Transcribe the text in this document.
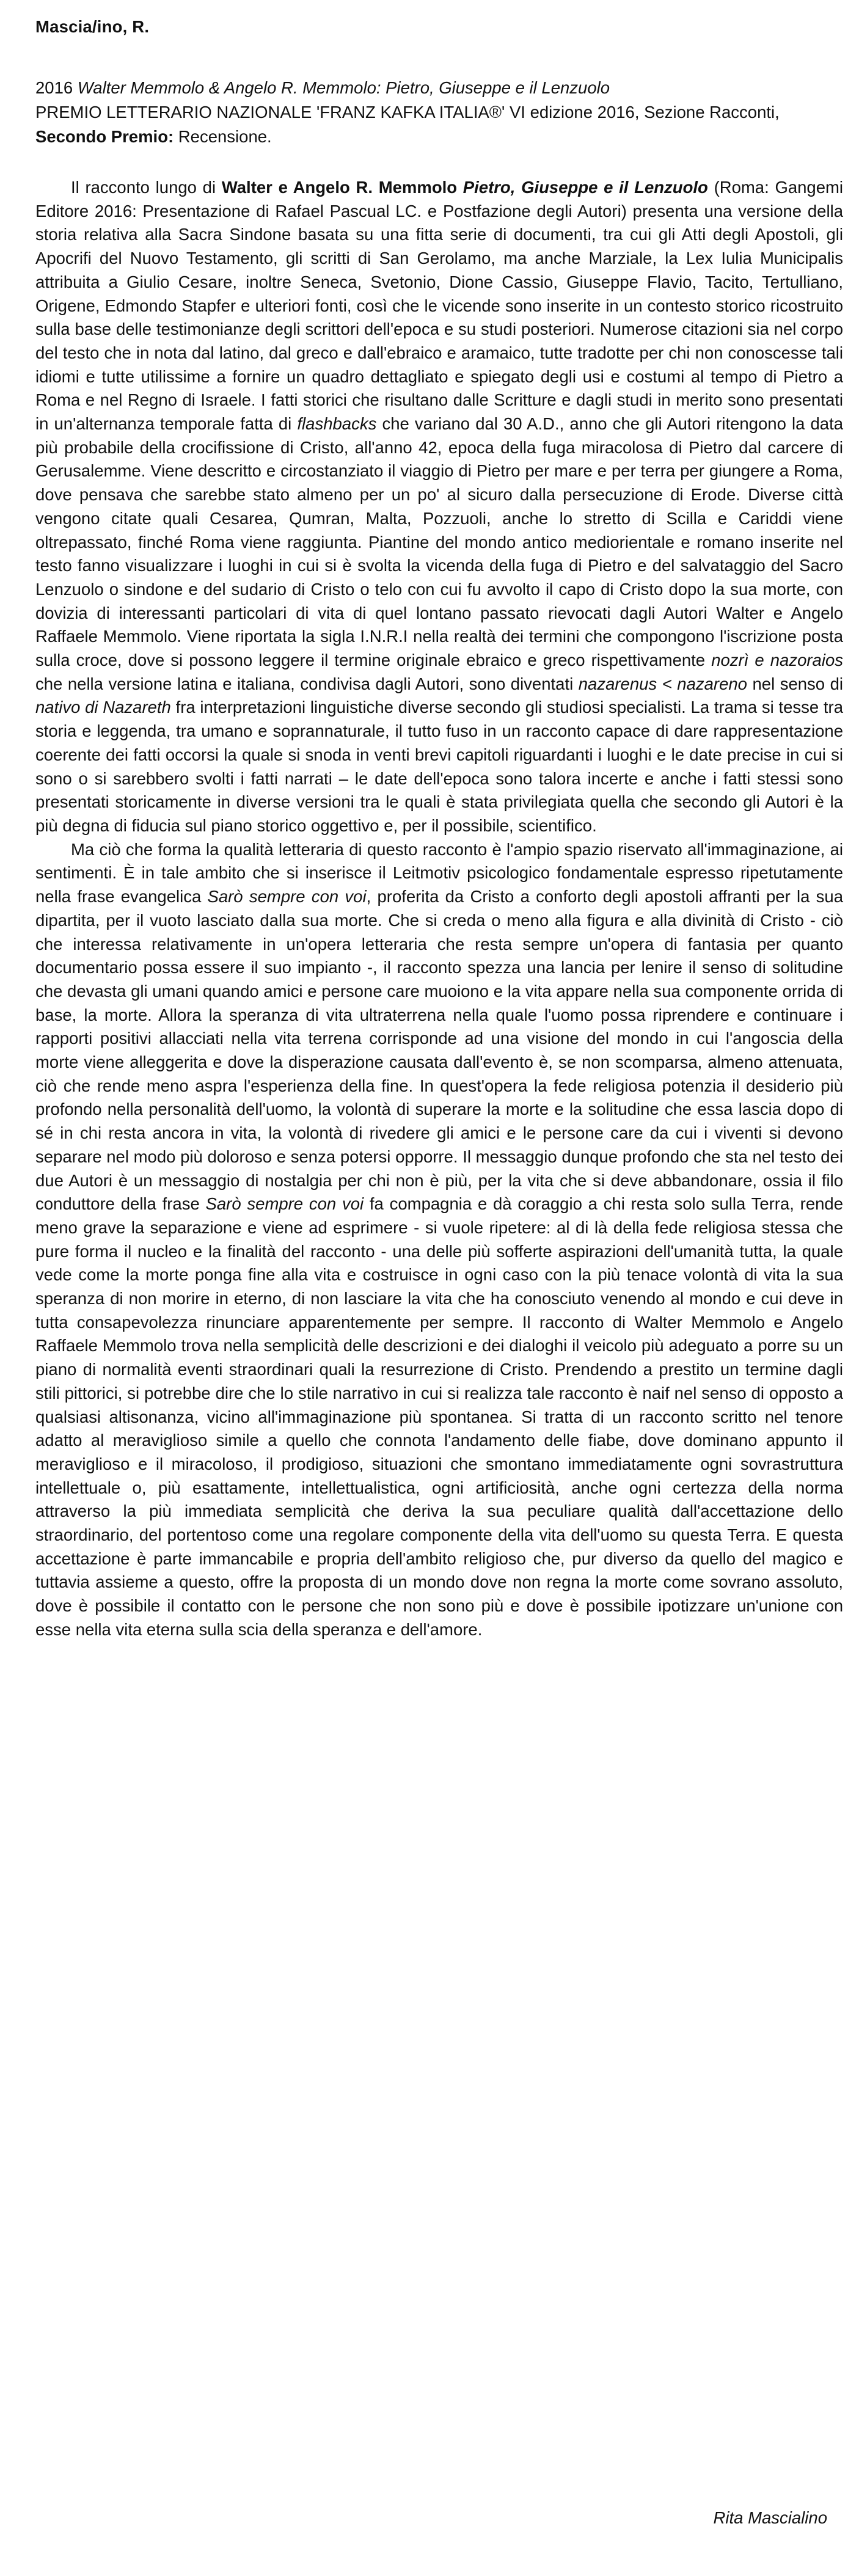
Mascia/ino, R.
2016 Walter Memmolo & Angelo R. Memmolo: Pietro, Giuseppe e il Lenzuolo
PREMIO LETTERARIO NAZIONALE 'FRANZ KAFKA ITALIA®' VI edizione 2016, Sezione Racconti, Secondo Premio: Recensione.

Il racconto lungo di Walter e Angelo R. Memmolo Pietro, Giuseppe e il Lenzuolo (Roma: Gangemi Editore 2016: Presentazione di Rafael Pascual LC. e Postfazione degli Autori) presenta una versione della storia relativa alla Sacra Sindone basata su una fitta serie di documenti, tra cui gli Atti degli Apostoli, gli Apocrifi del Nuovo Testamento, gli scritti di San Gerolamo, ma anche Marziale, la Lex Iulia Municipalis attribuita a Giulio Cesare, inoltre Seneca, Svetonio, Dione Cassio, Giuseppe Flavio, Tacito, Tertulliano, Origene, Edmondo Stapfer e ulteriori fonti, così che le vicende sono inserite in un contesto storico ricostruito sulla base delle testimonianze degli scrittori dell'epoca e su studi posteriori. Numerose citazioni sia nel corpo del testo che in nota dal latino, dal greco e dall'ebraico e aramaico, tutte tradotte per chi non conoscesse tali idiomi e tutte utilissime a fornire un quadro dettagliato e spiegato degli usi e costumi al tempo di Pietro a Roma e nel Regno di Israele. I fatti storici che risultano dalle Scritture e dagli studi in merito sono presentati in un'alternanza temporale fatta di flashbacks che variano dal 30 A.D., anno che gli Autori ritengono la data più probabile della crocifissione di Cristo, all'anno 42, epoca della fuga miracolosa di Pietro dal carcere di Gerusalemme. Viene descritto e circostanziato il viaggio di Pietro per mare e per terra per giungere a Roma, dove pensava che sarebbe stato almeno per un po' al sicuro dalla persecuzione di Erode. Diverse città vengono citate quali Cesarea, Qumran, Malta, Pozzuoli, anche lo stretto di Scilla e Cariddi viene oltrepassato, finché Roma viene raggiunta. Piantine del mondo antico mediorientale e romano inserite nel testo fanno visualizzare i luoghi in cui si è svolta la vicenda della fuga di Pietro e del salvataggio del Sacro Lenzuolo o sindone e del sudario di Cristo o telo con cui fu avvolto il capo di Cristo dopo la sua morte, con dovizia di interessanti particolari di vita di quel lontano passato rievocati dagli Autori Walter e Angelo Raffaele Memmolo. Viene riportata la sigla I.N.R.I nella realtà dei termini che compongono l'iscrizione posta sulla croce, dove si possono leggere il termine originale ebraico e greco rispettivamente nozrì e nazoraios che nella versione latina e italiana, condivisa dagli Autori, sono diventati nazarenus < nazareno nel senso di nativo di Nazareth fra interpretazioni linguistiche diverse secondo gli studiosi specialisti. La trama si tesse tra storia e leggenda, tra umano e soprannaturale, il tutto fuso in un racconto capace di dare rappresentazione coerente dei fatti occorsi la quale si snoda in venti brevi capitoli riguardanti i luoghi e le date precise in cui si sono o si sarebbero svolti i fatti narrati – le date dell'epoca sono talora incerte e anche i fatti stessi sono presentati storicamente in diverse versioni tra le quali è stata privilegiata quella che secondo gli Autori è la più degna di fiducia sul piano storico oggettivo e, per il possibile, scientifico.

Ma ciò che forma la qualità letteraria di questo racconto è l'ampio spazio riservato all'immaginazione, ai sentimenti. È in tale ambito che si inserisce il Leitmotiv psicologico fondamentale espresso ripetutamente nella frase evangelica Sarò sempre con voi, proferita da Cristo a conforto degli apostoli affranti per la sua dipartita, per il vuoto lasciato dalla sua morte. Che si creda o meno alla figura e alla divinità di Cristo - ciò che interessa relativamente in un'opera letteraria che resta sempre un'opera di fantasia per quanto documentario possa essere il suo impianto -, il racconto spezza una lancia per lenire il senso di solitudine che devasta gli umani quando amici e persone care muoiono e la vita appare nella sua componente orrida di base, la morte. Allora la speranza di vita ultraterrena nella quale l'uomo possa riprendere e continuare i rapporti positivi allacciati nella vita terrena corrisponde ad una visione del mondo in cui l'angoscia della morte viene alleggerita e dove la disperazione causata dall'evento è, se non scomparsa, almeno attenuata, ciò che rende meno aspra l'esperienza della fine. In quest'opera la fede religiosa potenzia il desiderio più profondo nella personalità dell'uomo, la volontà di superare la morte e la solitudine che essa lascia dopo di sé in chi resta ancora in vita, la volontà di rivedere gli amici e le persone care da cui i viventi si devono separare nel modo più doloroso e senza potersi opporre. Il messaggio dunque profondo che sta nel testo dei due Autori è un messaggio di nostalgia per chi non è più, per la vita che si deve abbandonare, ossia il filo conduttore della frase Sarò sempre con voi fa compagnia e dà coraggio a chi resta solo sulla Terra, rende meno grave la separazione e viene ad esprimere - si vuole ripetere: al di là della fede religiosa stessa che pure forma il nucleo e la finalità del racconto - una delle più sofferte aspirazioni dell'umanità tutta, la quale vede come la morte ponga fine alla vita e costruisce in ogni caso con la più tenace volontà di vita la sua speranza di non morire in eterno, di non lasciare la vita che ha conosciuto venendo al mondo e cui deve in tutta consapevolezza rinunciare apparentemente per sempre. Il racconto di Walter Memmolo e Angelo Raffaele Memmolo trova nella semplicità delle descrizioni e dei dialoghi il veicolo più adeguato a porre su un piano di normalità eventi straordinari quali la resurrezione di Cristo. Prendendo a prestito un termine dagli stili pittorici, si potrebbe dire che lo stile narrativo in cui si realizza tale racconto è naif nel senso di opposto a qualsiasi altisonanza, vicino all'immaginazione più spontanea. Si tratta di un racconto scritto nel tenore adatto al meraviglioso simile a quello che connota l'andamento delle fiabe, dove dominano appunto il meraviglioso e il miracoloso, il prodigioso, situazioni che smontano immediatamente ogni sovrastruttura intellettuale o, più esattamente, intellettualistica, ogni artificiosità, anche ogni certezza della norma attraverso la più immediata semplicità che deriva la sua peculiare qualità dall'accettazione dello straordinario, del portentoso come una regolare componente della vita dell'uomo su questa Terra. E questa accettazione è parte immancabile e propria dell'ambito religioso che, pur diverso da quello del magico e tuttavia assieme a questo, offre la proposta di un mondo dove non regna la morte come sovrano assoluto, dove è possibile il contatto con le persone che non sono più e dove è possibile ipotizzare un'unione con esse nella vita eterna sulla scia della speranza e dell'amore.

Rita Mascialino
